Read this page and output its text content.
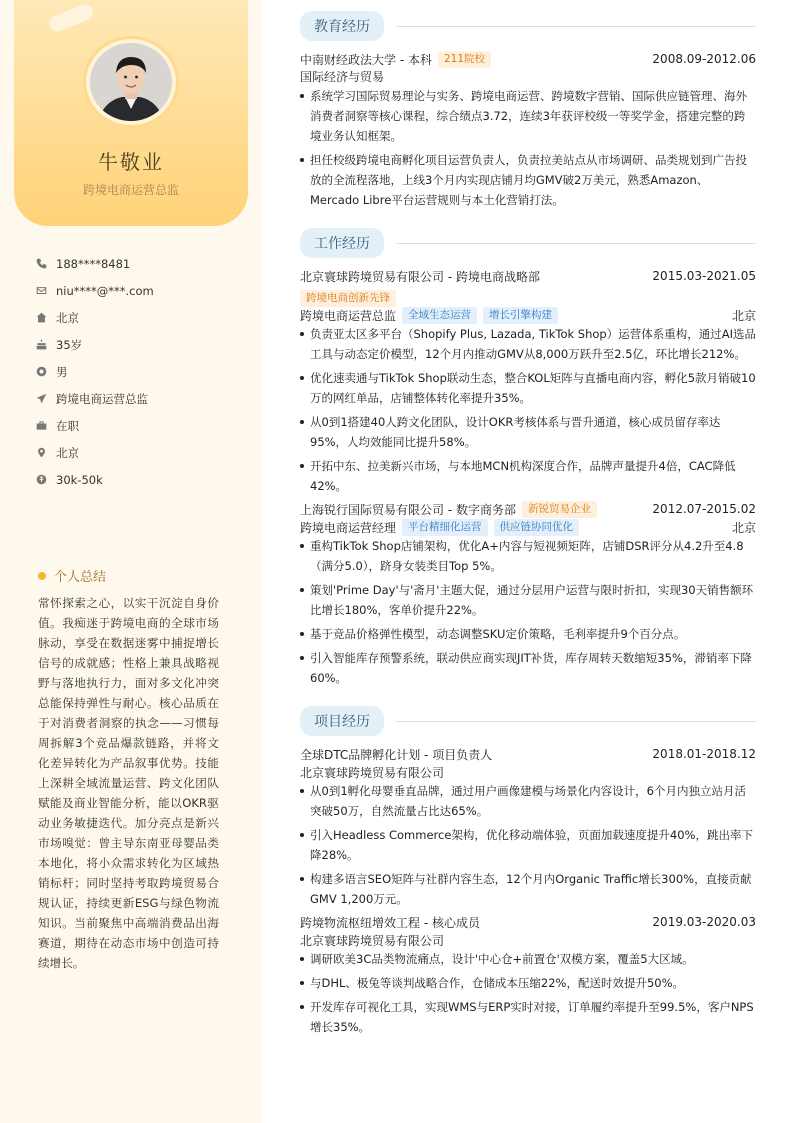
牛敬业
跨境电商运营总监
188****8481
niu****@***.com
北京
35岁
男
跨境电商运营总监
在职
北京
30k-50k
个人总结
常怀探索之心，以实干沉淀自身价值。我痴迷于跨境电商的全球市场脉动，享受在数据迷雾中捕捉增长信号的成就感；性格上兼具战略视野与落地执行力，面对多文化冲突总能保持弹性与耐心。核心品质在于对消费者洞察的执念——习惯每周拆解3个竞品爆款链路，并将文化差异转化为产品叙事优势。技能上深耕全域流量运营、跨文化团队赋能及商业智能分析，能以OKR驱动业务敏捷迭代。加分亮点是新兴市场嗅觉：曾主导东南亚母婴品类本地化，将小众需求转化为区域热销标杆；同时坚持考取跨境贸易合规认证，持续更新ESG与绿色物流知识。当前聚焦中高端消费品出海赛道，期待在动态市场中创造可持续增长。
教育经历
中南财经政法大学 - 本科	211院校	2008.09-2012.06
国际经济与贸易
系统学习国际贸易理论与实务、跨境电商运营、跨境数字营销、国际供应链管理、海外消费者洞察等核心课程，综合绩点3.72，连续3年获评校级一等奖学金，搭建完整的跨境业务认知框架。
担任校级跨境电商孵化项目运营负责人，负责拉美站点从市场调研、品类规划到广告投放的全流程落地，上线3个月内实现店铺月均GMV破2万美元，熟悉Amazon、Mercado Libre平台运营规则与本土化营销打法。
工作经历
北京寰球跨境贸易有限公司 - 跨境电商战略部	2015.03-2021.05
跨境电商创新先锋
跨境电商运营总监	全域生态运营	增长引擎构建	北京
负责亚太区多平台（Shopify Plus, Lazada, TikTok Shop）运营体系重构，通过AI选品工具与动态定价模型，12个月内推动GMV从8,000万跃升至2.5亿，环比增长212%。
优化速卖通与TikTok Shop联动生态，整合KOL矩阵与直播电商内容，孵化5款月销破10万的网红单品，店铺整体转化率提升35%。
从0到1搭建40人跨文化团队，设计OKR考核体系与晋升通道，核心成员留存率达95%，人均效能同比提升58%。
开拓中东、拉美新兴市场，与本地MCN机构深度合作，品牌声量提升4倍，CAC降低42%。
上海锐行国际贸易有限公司 - 数字商务部	新锐贸易企业	2012.07-2015.02
跨境电商运营经理	平台精细化运营	供应链协同优化	北京
重构TikTok Shop店铺架构，优化A+内容与短视频矩阵，店铺DSR评分从4.2升至4.8（满分5.0），跻身女装类目Top 5%。
策划'Prime Day'与'斋月'主题大促，通过分层用户运营与限时折扣，实现30天销售额环比增长180%，客单价提升22%。
基于竞品价格弹性模型，动态调整SKU定价策略，毛利率提升9个百分点。
引入智能库存预警系统，联动供应商实现JIT补货，库存周转天数缩短35%，滞销率下降60%。
项目经历
全球DTC品牌孵化计划 - 项目负责人	2018.01-2018.12
北京寰球跨境贸易有限公司
从0到1孵化母婴垂直品牌，通过用户画像建模与场景化内容设计，6个月内独立站月活突破50万，自然流量占比达65%。
引入Headless Commerce架构，优化移动端体验，页面加载速度提升40%，跳出率下降28%。
构建多语言SEO矩阵与社群内容生态，12个月内Organic Traffic增长300%，直接贡献GMV 1,200万元。
跨境物流枢纽增效工程 - 核心成员	2019.03-2020.03
北京寰球跨境贸易有限公司
调研欧美3C品类物流痛点，设计'中心仓+前置仓'双模方案，覆盖5大区域。
与DHL、极兔等谈判战略合作，仓储成本压缩22%，配送时效提升50%。
开发库存可视化工具，实现WMS与ERP实时对接，订单履约率提升至99.5%，客户NPS增长35%。
